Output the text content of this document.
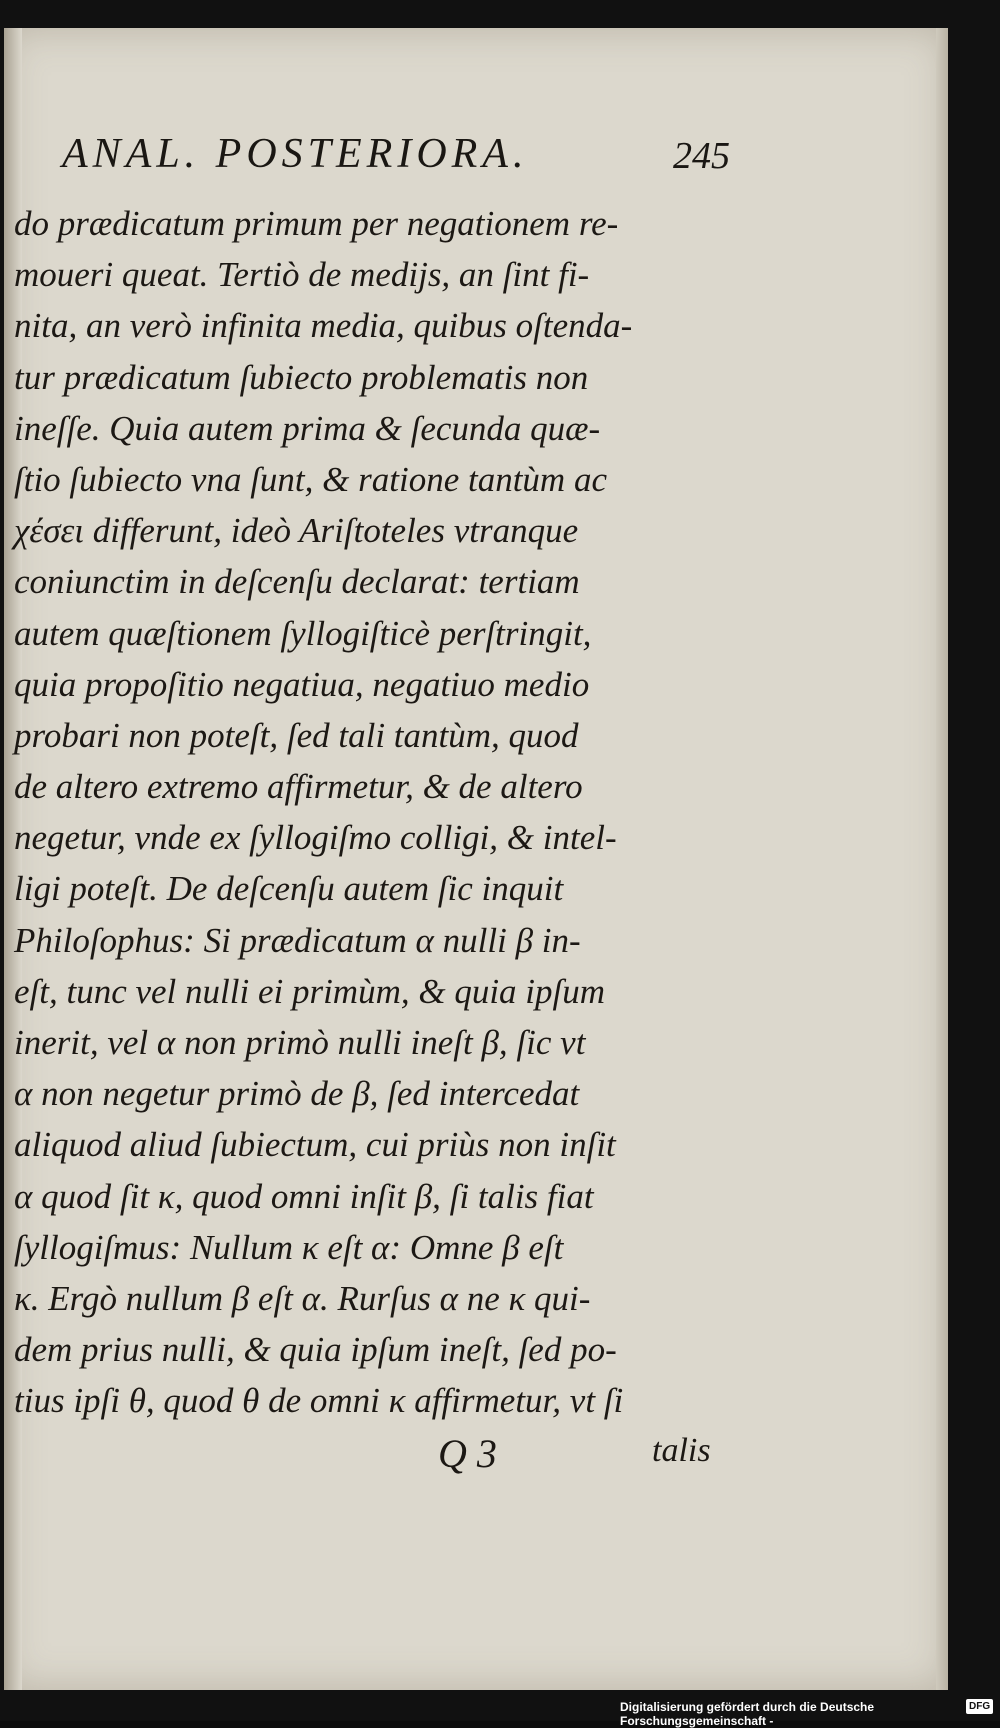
ANAL. POSTERIORA.	245
do prædicatum primum per negationem re-
moueri queat. Tertiò de medijs, an ſint fi-
nita, an verò infinita media, quibus oſtenda-
tur prædicatum ſubiecto problematis non
ineſſe. Quia autem prima & ſecunda quæ-
ſtio ſubiecto vna ſunt, & ratione tantùm ac
χέσει differunt, ideò Ariſtoteles vtranque
coniunctim in deſcenſu declarat: tertiam
autem quæſtionem ſyllogiſticè perſtringit,
quia propoſitio negatiua, negatiuo medio
probari non poteſt, ſed tali tantùm, quod
de altero extremo affirmetur, & de altero
negetur, vnde ex ſyllogiſmo colligi, & intel-
ligi poteſt. De deſcenſu autem ſic inquit
Philoſophus: Si prædicatum α nulli β in-
eſt, tunc vel nulli ei primùm, & quia ipſum
inerit, vel α non primò nulli ineſt β, ſic vt
α non negetur primò de β, ſed intercedat
aliquod aliud ſubiectum, cui priùs non inſit
α quod ſit κ, quod omni inſit β, ſi talis fiat
ſyllogiſmus: Nullum κ eſt α: Omne β eſt
κ. Ergò nullum β eſt α. Rurſus α ne κ qui-
dem prius nulli, & quia ipſum ineſt, ſed po-
tius ipſi θ, quod θ de omni κ affirmetur, vt ſi
Q 3	talis
Digitalisierung gefördert durch die Deutsche Forschungsgemeinschaft -
DFG
